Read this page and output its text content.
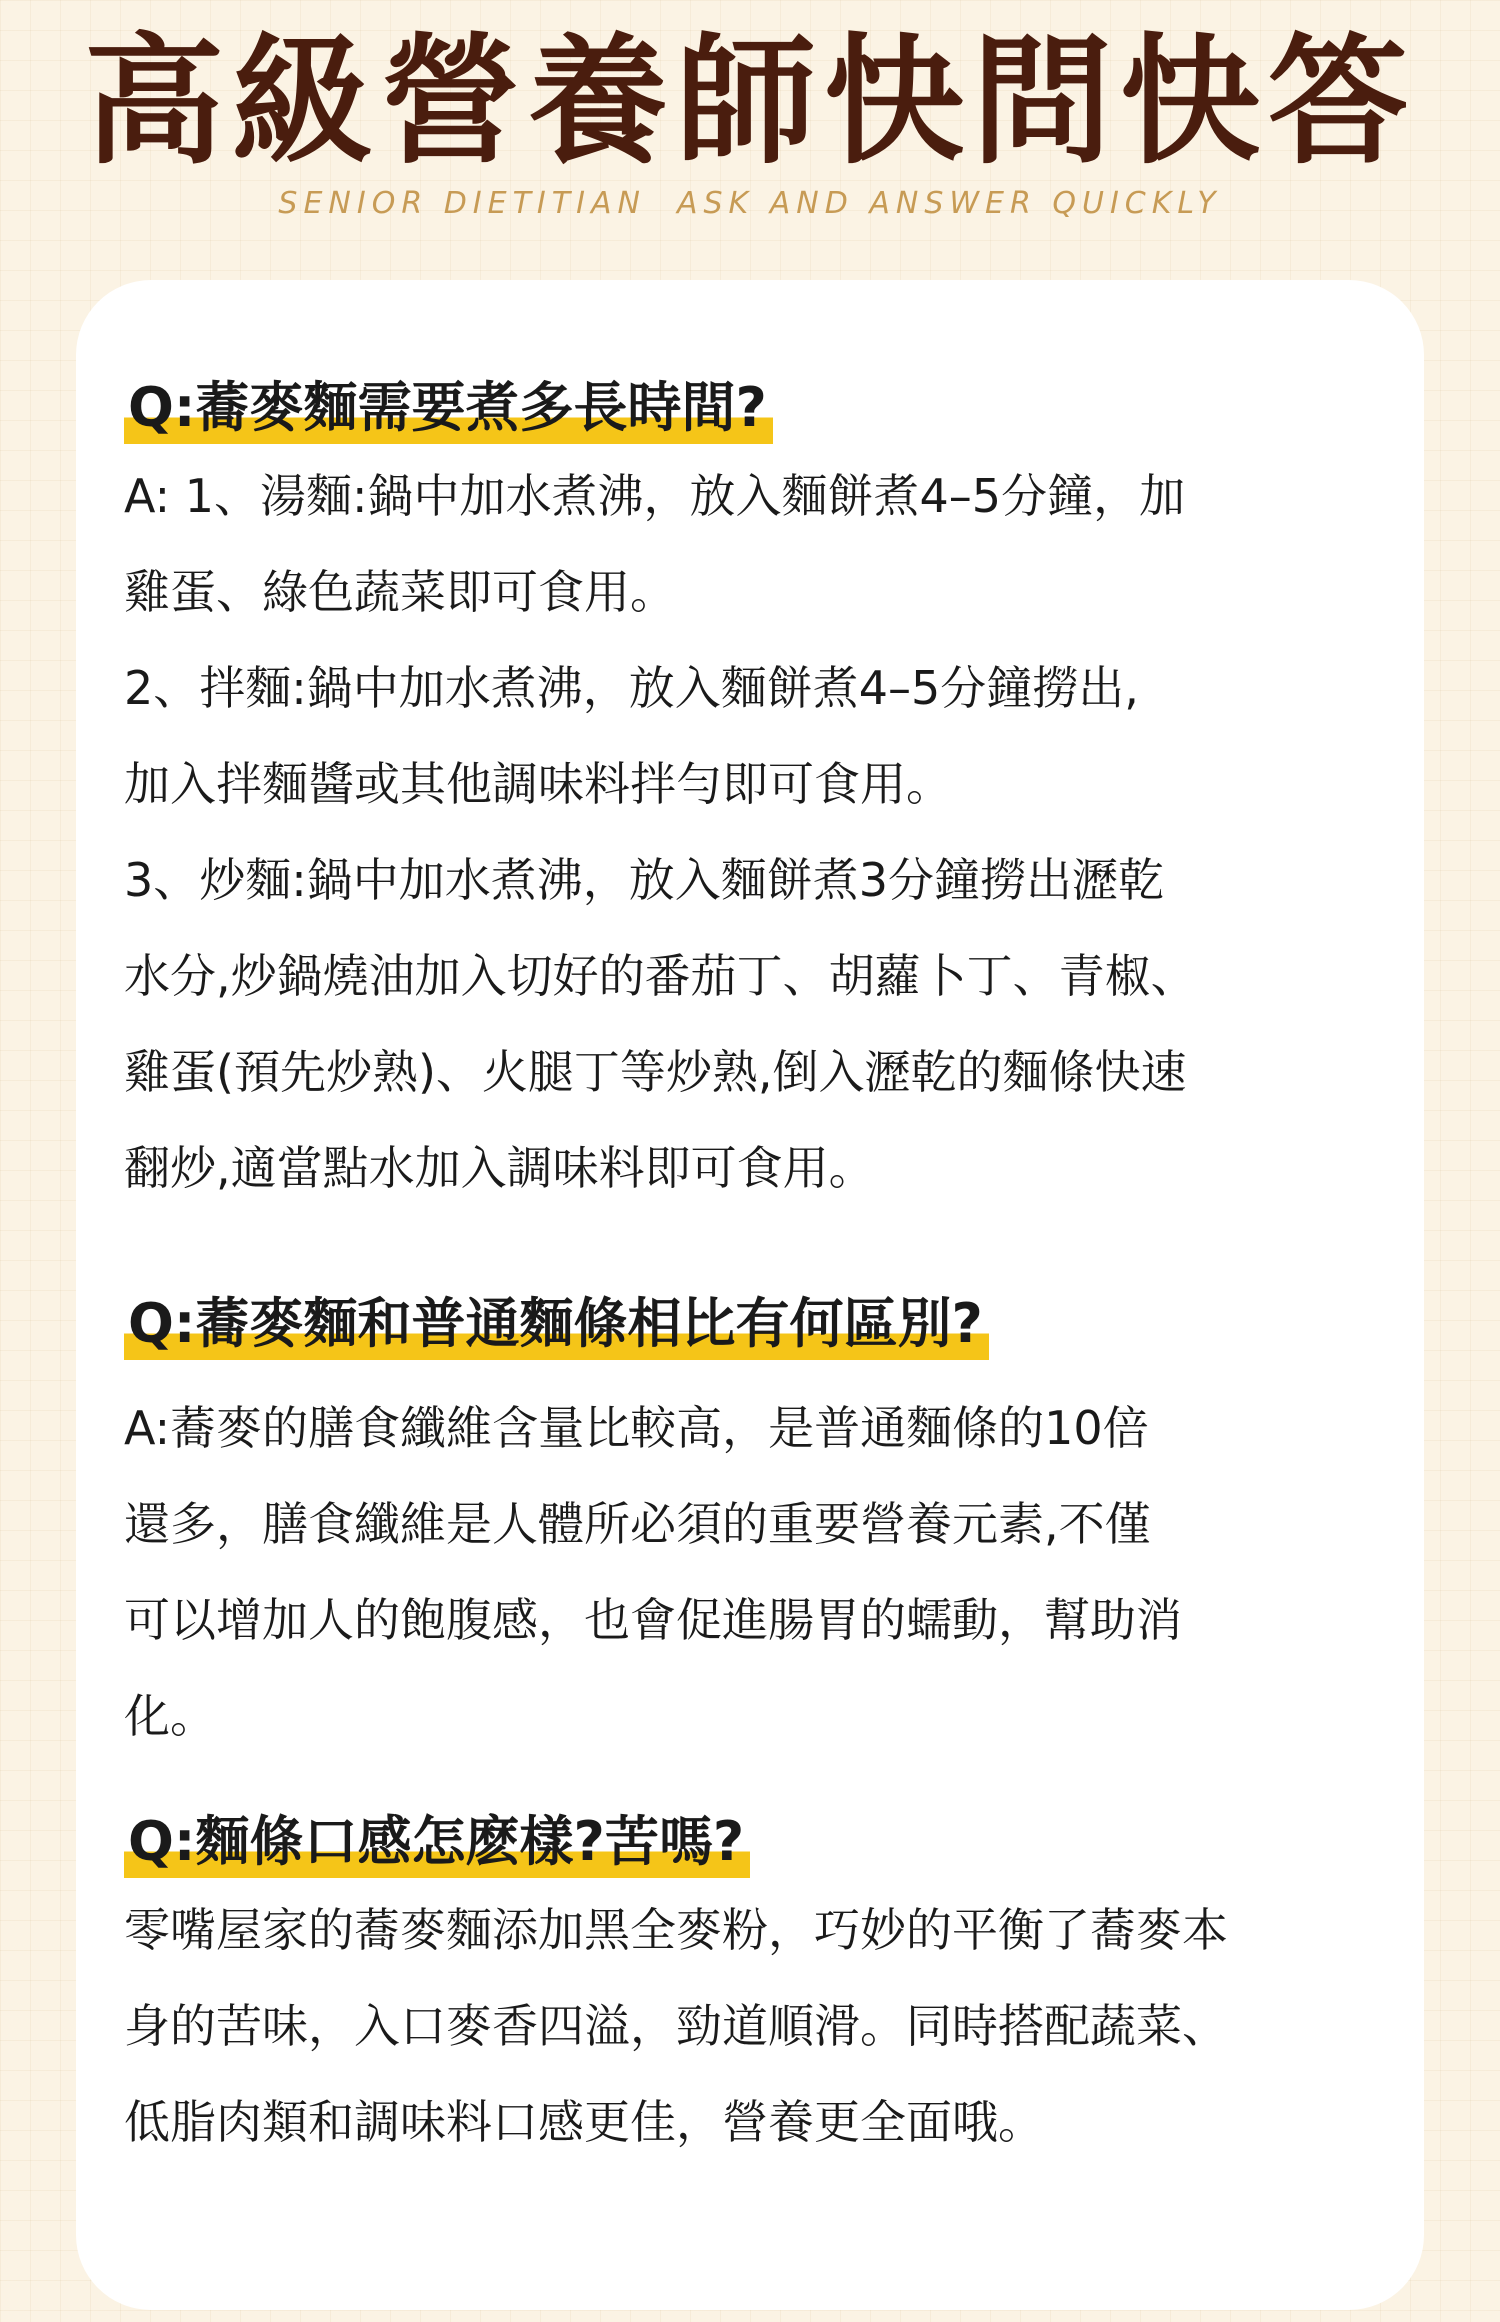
高級營養師快問快答
SENIOR DIETITIAN  ASK AND ANSWER QUICKLY
Q:蕎麥麵需要煮多長時間?
A: 1、湯麵:鍋中加水煮沸，放入麵餅煮4–5分鐘，加
雞蛋、綠色蔬菜即可食用。
2、拌麵:鍋中加水煮沸，放入麵餅煮4–5分鐘撈出,
加入拌麵醬或其他調味料拌勻即可食用。
3、炒麵:鍋中加水煮沸，放入麵餅煮3分鐘撈出瀝乾
水分,炒鍋燒油加入切好的番茄丁、胡蘿卜丁、青椒、
雞蛋(預先炒熟)、火腿丁等炒熟,倒入瀝乾的麵條快速
翻炒,適當點水加入調味料即可食用。
Q:蕎麥麵和普通麵條相比有何區別?
A:蕎麥的膳食纖維含量比較高，是普通麵條的10倍
還多，膳食纖維是人體所必須的重要營養元素,不僅
可以增加人的飽腹感，也會促進腸胃的蠕動，幫助消
化。
Q:麵條口感怎麽樣?苦嗎?
零嘴屋家的蕎麥麵添加黑全麥粉，巧妙的平衡了蕎麥本
身的苦味，入口麥香四溢，勁道順滑。同時搭配蔬菜、
低脂肉類和調味料口感更佳，營養更全面哦。
